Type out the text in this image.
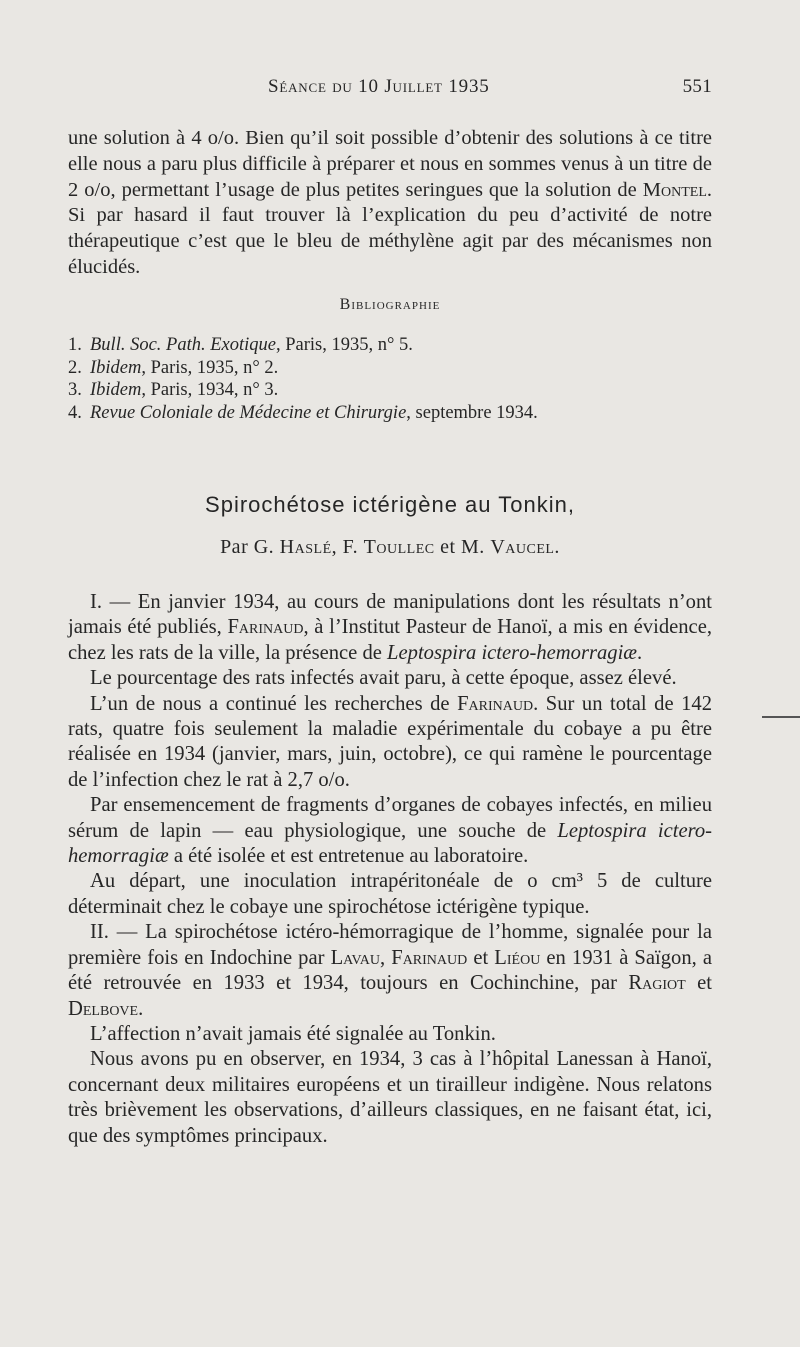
Séance du 10 Juillet 1935	551

une solution à 4 o/o. Bien qu’il soit possible d’obtenir des solutions à ce titre elle nous a paru plus difficile à préparer et nous en sommes venus à un titre de 2 o/o, permettant l’usage de plus petites seringues que la solution de Montel. Si par hasard il faut trouver là l’explication du peu d’activité de notre thérapeutique c’est que le bleu de méthylène agit par des mécanismes non élucidés.

Bibliographie
1. Bull. Soc. Path. Exotique, Paris, 1935, n° 5.
2. Ibidem, Paris, 1935, n° 2.
3. Ibidem, Paris, 1934, n° 3.
4. Revue Coloniale de Médecine et Chirurgie, septembre 1934.
Spirochétose ictérigène au Tonkin,
Par G. Haslé, F. Toullec et M. Vaucel.

I. — En janvier 1934, au cours de manipulations dont les résultats n’ont jamais été publiés, Farinaud, à l’Institut Pasteur de Hanoï, a mis en évidence, chez les rats de la ville, la présence de Leptospira icterо-hemorragiæ.

Le pourcentage des rats infectés avait paru, à cette époque, assez élevé.

L’un de nous a continué les recherches de Farinaud. Sur un total de 142 rats, quatre fois seulement la maladie expérimentale du cobaye a pu être réalisée en 1934 (janvier, mars, juin, octobre), ce qui ramène le pourcentage de l’infection chez le rat à 2,7 o/o.

Par ensemencement de fragments d’organes de cobayes infectés, en milieu sérum de lapin — eau physiologique, une souche de Leptospira ictero-hemorragiæ a été isolée et est entretenue au laboratoire.

Au départ, une inoculation intrapéritonéale de o cm³ 5 de culture déterminait chez le cobaye une spirochétose ictérigène typique.

II. — La spirochétose ictéro-hémorragique de l’homme, signalée pour la première fois en Indochine par Lavau, Farinaud et Liéou en 1931 à Saïgon, a été retrouvée en 1933 et 1934, toujours en Cochinchine, par Ragiot et Delbove.

L’affection n’avait jamais été signalée au Tonkin.

Nous avons pu en observer, en 1934, 3 cas à l’hôpital Lanessan à Hanoï, concernant deux militaires européens et un tirailleur indigène. Nous relatons très brièvement les observations, d’ailleurs classiques, en ne faisant état, ici, que des symptômes principaux.
